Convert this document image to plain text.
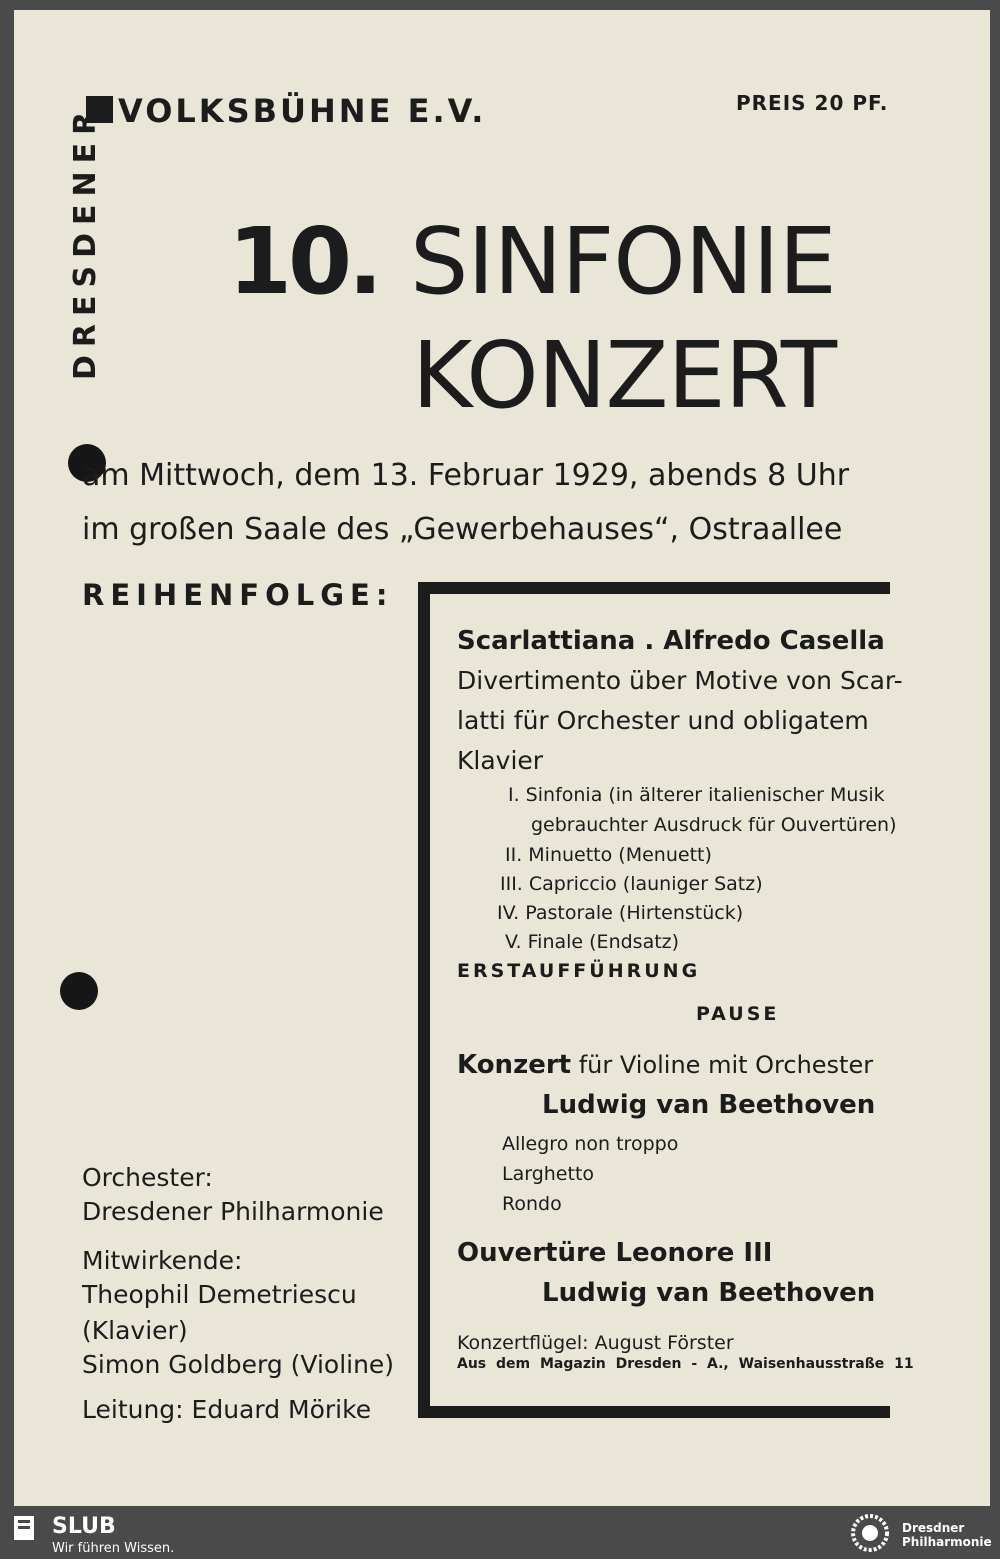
VOLKSBÜHNE E.V.	PREIS 20 PF.

DRESDENER 10. SINFONIE

KONZERT

am Mittwoch, dem 13. Februar 1929, abends 8 Uhr

im großen Saale des „Gewerbehauses“, Ostraallee

REIHENFOLGE:

Scarlattiana . Alfredo Casella

Divertimento über Motive von Scar-

latti für Orchester und obligatem

Klavier

I. Sinfonia (in älterer italienischer Musik

gebrauchter Ausdruck für Ouvertüren)

II. Minuetto (Menuett)

III. Capriccio (launiger Satz)

IV. Pastorale (Hirtenstück)

V. Finale (Endsatz)

ERSTAUFFÜHRUNG

PAUSE

Konzert für Violine mit Orchester

Ludwig van Beethoven

Allegro non troppo

Larghetto

Rondo

Ouvertüre Leonore III

Ludwig van Beethoven

Konzertflügel: August Förster

Aus dem Magazin Dresden - A., Waisenhausstraße 11

Orchester:

Dresdener Philharmonie

Mitwirkende:

Theophil Demetriescu

(Klavier)

Simon Goldberg (Violine)

Leitung: Eduard Mörike

SLUB

Wir führen Wissen.

Dresdner

Philharmonie
